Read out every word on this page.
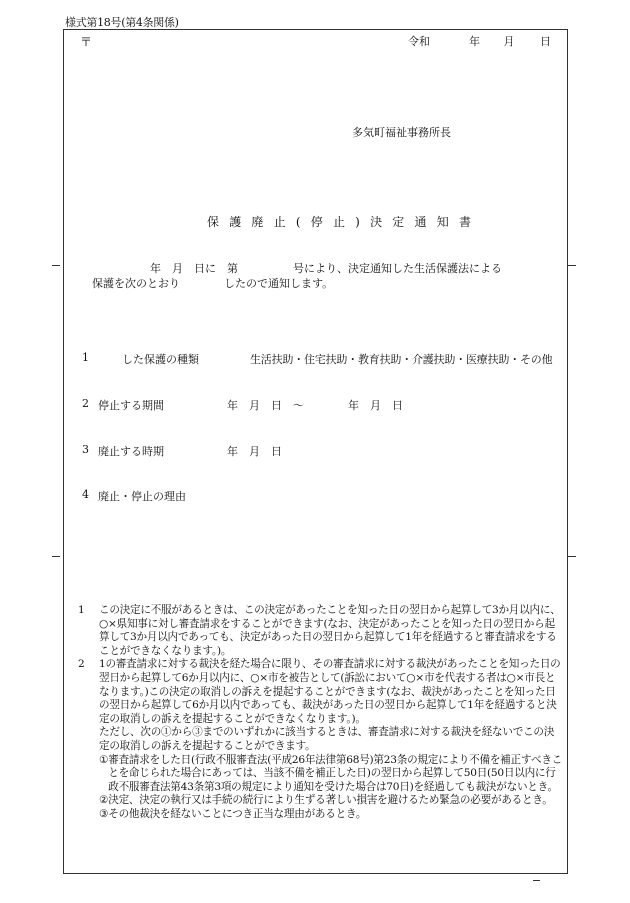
様式第18号(第4条関係)
〒	令和	年 月 日
多気町福祉事務所長
保 護 廃 止 ( 停 止 ) 決 定 通 知 書
年　月　日に　第　　　　　号により、決定通知した生活保護法による
保護を次のとおり　　　　したので通知します。
1	した保護の種類	生活扶助・住宅扶助・教育扶助・介護扶助・医療扶助・その他
2 停止する期間	年　月　日　～　　　　年　月　日
3 廃止する時期	年　月　日
4 廃止・停止の理由
1	この決定に不服があるときは、この決定があったことを知った日の翌日から起算して3か月以内に、○×県知事に対し審査請求をすることができます(なお、決定があったことを知った日の翌日から起算して3か月以内であっても、決定があった日の翌日から起算して1年を経過すると審査請求をすることができなくなります。)。
2	1の審査請求に対する裁決を経た場合に限り、その審査請求に対する裁決があったことを知った日の翌日から起算して6か月以内に、○×市を被告として(訴訟において○×市を代表する者は○×市長となります。)この決定の取消しの訴えを提起することができます(なお、裁決があったことを知った日の翌日から起算して6か月以内であっても、裁決があった日の翌日から起算して1年を経過すると決定の取消しの訴えを提起することができなくなります。)。
ただし、次の①から③までのいずれかに該当するときは、審査請求に対する裁決を経ないでこの決定の取消しの訴えを提起することができます。
① 審査請求をした日(行政不服審査法(平成26年法律第68号)第23条の規定により不備を補正すべきことを命じられた場合にあっては、当該不備を補正した日)の翌日から起算して50日(50日以内に行政不服審査法第43条第3項の規定により通知を受けた場合は70日)を経過しても裁決がないとき。
② 決定、決定の執行又は手続の続行により生ずる著しい損害を避けるため緊急の必要があるとき。
③ その他裁決を経ないことにつき正当な理由があるとき。
